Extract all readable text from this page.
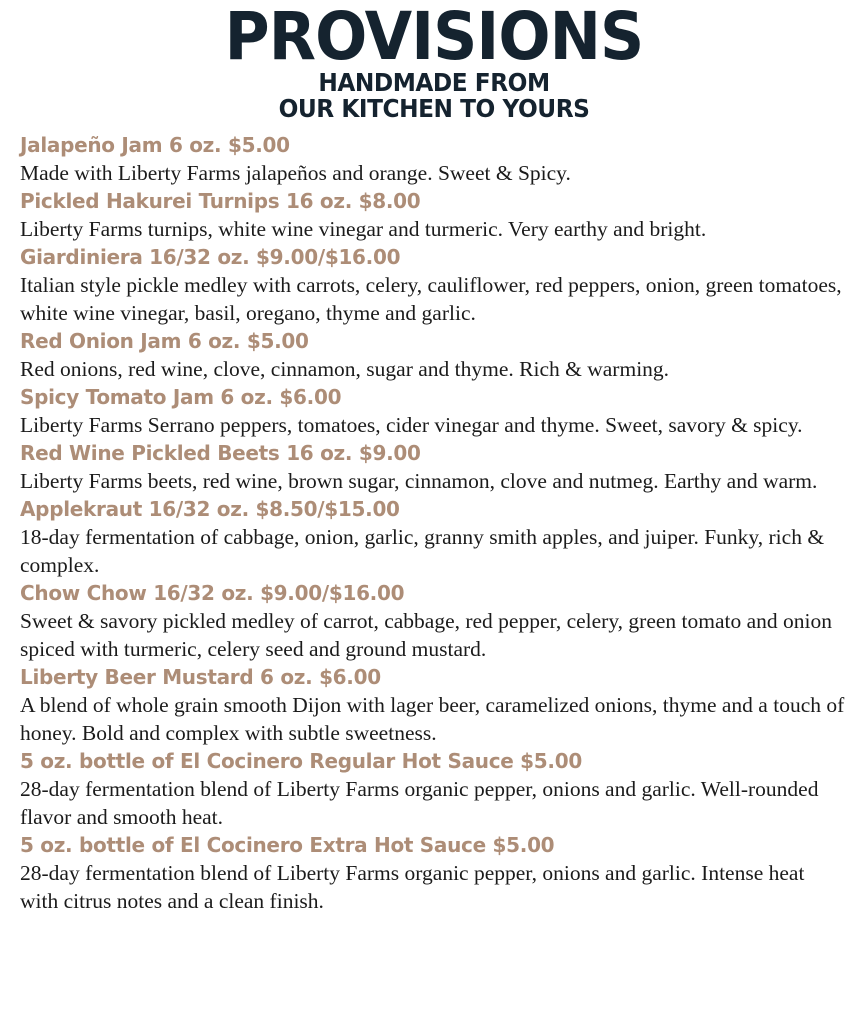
PROVISIONS

HANDMADE FROM

OUR KITCHEN TO YOURS

Jalapeño Jam 6 oz. $5.00

Made with Liberty Farms jalapeños and orange. Sweet & Spicy.

Pickled Hakurei Turnips 16 oz. $8.00

Liberty Farms turnips, white wine vinegar and turmeric. Very earthy and bright.

Giardiniera 16/32 oz. $9.00/$16.00

Italian style pickle medley with carrots, celery, cauliflower, red peppers, onion, green tomatoes, white wine vinegar, basil, oregano, thyme and garlic.

Red Onion Jam 6 oz. $5.00

Red onions, red wine, clove, cinnamon, sugar and thyme. Rich & warming.

Spicy Tomato Jam 6 oz. $6.00

Liberty Farms Serrano peppers, tomatoes, cider vinegar and thyme. Sweet, savory & spicy.

Red Wine Pickled Beets 16 oz. $9.00

Liberty Farms beets, red wine, brown sugar, cinnamon, clove and nutmeg. Earthy and warm.

Applekraut 16/32 oz. $8.50/$15.00

18-day fermentation of cabbage, onion, garlic, granny smith apples, and juiper. Funky, rich & complex.

Chow Chow 16/32 oz. $9.00/$16.00

Sweet & savory pickled medley of carrot, cabbage, red pepper, celery, green tomato and onion spiced with turmeric, celery seed and ground mustard.

Liberty Beer Mustard 6 oz. $6.00

A blend of whole grain smooth Dijon with lager beer, caramelized onions, thyme and a touch of honey. Bold and complex with subtle sweetness.

5 oz. bottle of El Cocinero Regular Hot Sauce $5.00

28-day fermentation blend of Liberty Farms organic pepper, onions and garlic. Well-rounded flavor and smooth heat.

5 oz. bottle of El Cocinero Extra Hot Sauce $5.00

28-day fermentation blend of Liberty Farms organic pepper, onions and garlic. Intense heat with citrus notes and a clean finish.
